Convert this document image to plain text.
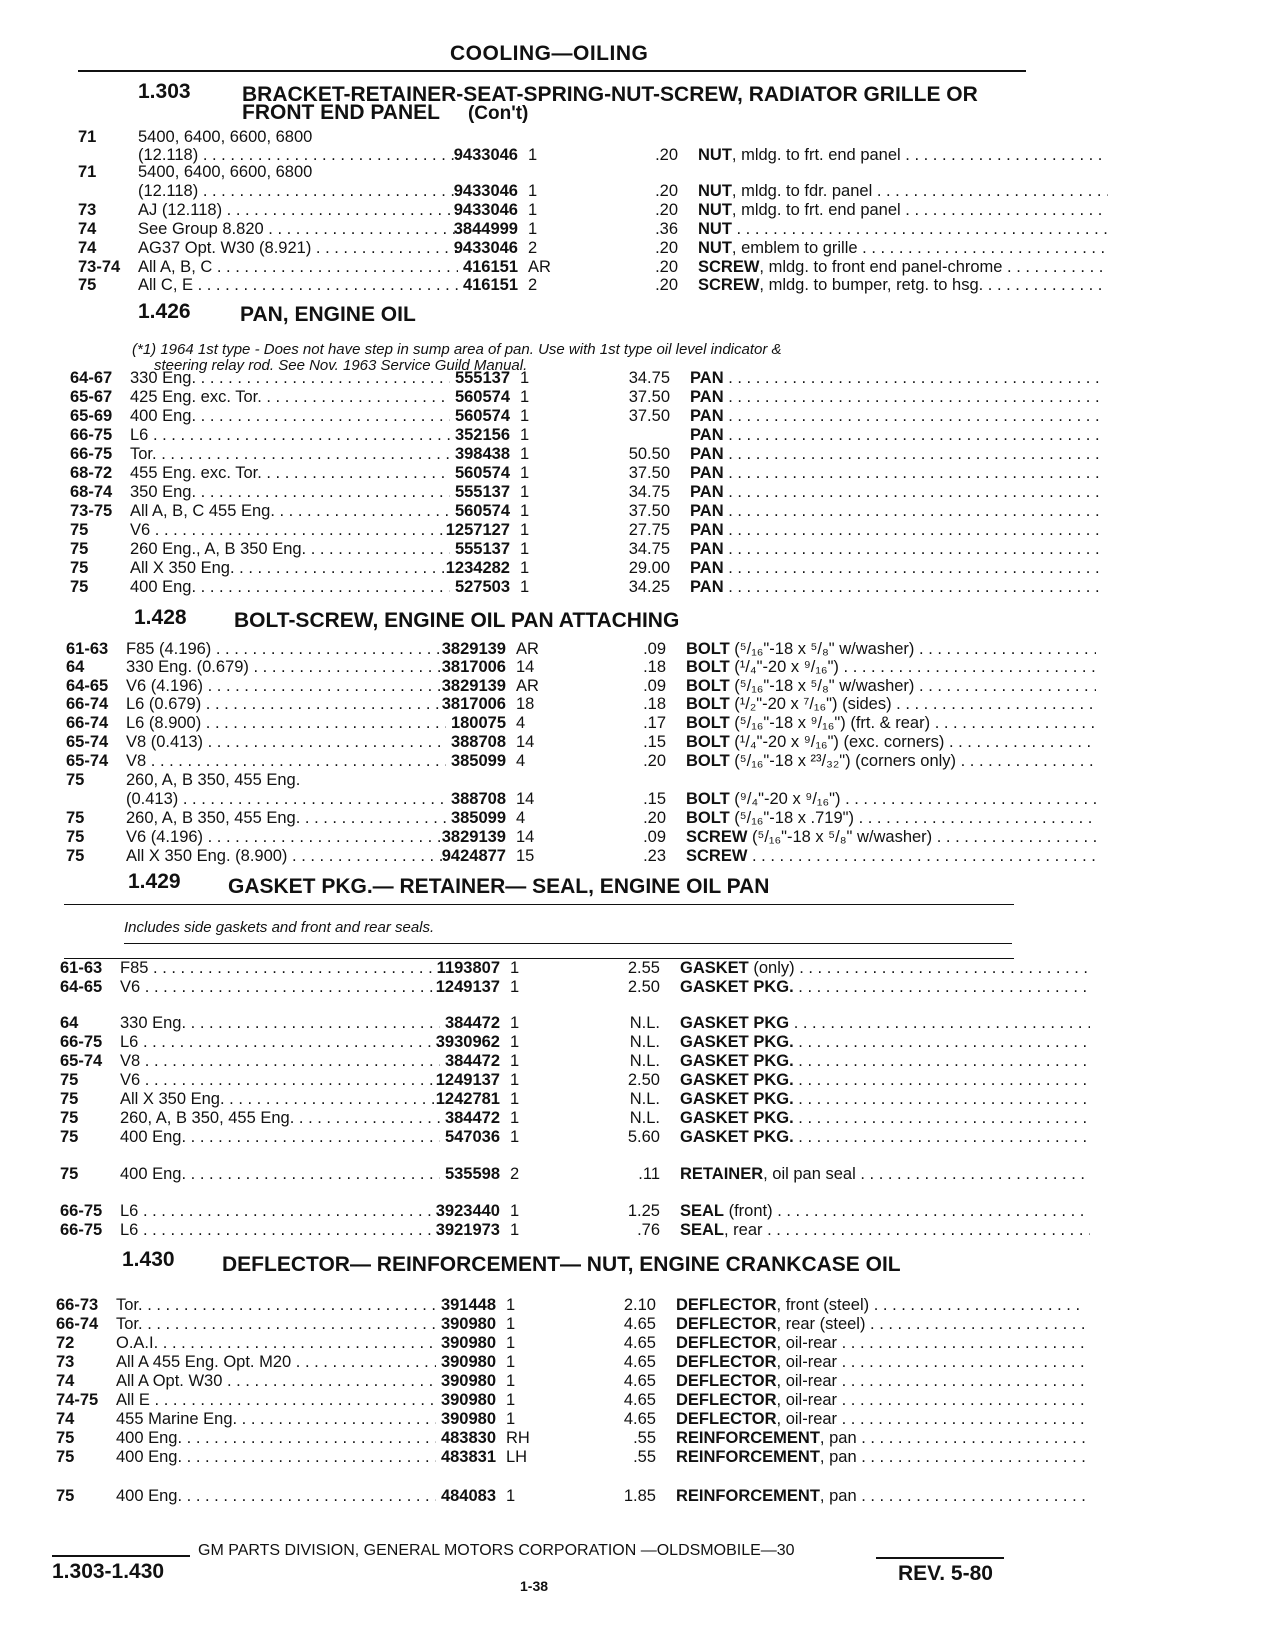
COOLING—OILING
1.303 BRACKET-RETAINER-SEAT-SPRING-NUT-SCREW, RADIATOR GRILLE OR
FRONT END PANEL (Con't)
71	5400, 6400, 6600, 6800
(12.118) . . .	9433046 1	.20 NUT, mldg. to frt. end panel . . .
71	5400, 6400, 6600, 6800
(12.118) . . .	9433046 1	.20 NUT, mldg. to fdr. panel . . .
73	AJ (12.118) . . .	9433046 1	.20 NUT, mldg. to frt. end panel . . .
74	See Group 8.820 . . .	3844999 1	.36 NUT . . .
74	AG37 Opt. W30 (8.921) . . .	9433046 2	.20 NUT, emblem to grille . . .
73-74 All A, B, C . . .	416151 AR	.20 SCREW, mldg. to front end panel-chrome . . .
75	All C, E . . .	416151 2	.20 SCREW, mldg. to bumper, retg. to hsg. . . .
1.426 PAN, ENGINE OIL
(*1) 1964 1st type - Does not have step in sump area of pan. Use with 1st type oil level indicator &
steering relay rod. See Nov. 1963 Service Guild Manual.
64-67 330 Eng. . . .	555137 1	34.75 PAN . . .
65-67 425 Eng. exc. Tor. . . .	560574 1	37.50 PAN . . .
65-69 400 Eng. . . .	560574 1	37.50 PAN . . .
66-75 L6 . . .	352156 1	PAN . . .
66-75 Tor. . . .	398438 1	50.50 PAN . . .
68-72 455 Eng. exc. Tor. . . .	560574 1	37.50 PAN . . .
68-74 350 Eng. . . .	555137 1	34.75 PAN . . .
73-75 All A, B, C 455 Eng. . . .	560574 1	37.50 PAN . . .
75	V6 . . .	1257127 1	27.75 PAN . . .
75	260 Eng., A, B 350 Eng. . . .	555137 1	34.75 PAN . . .
75	All X 350 Eng. . . .	1234282 1	29.00 PAN . . .
75	400 Eng. . . .	527503 1	34.25 PAN . . .
1.428 BOLT-SCREW, ENGINE OIL PAN ATTACHING
61-63 F85 (4.196) . . .	3829139 AR	.09 BOLT (⁵/₁₆"-18 x ⁵/₈" w/washer) . . .
64	330 Eng. (0.679) . . .	3817006 14	.18 BOLT (¹/₄"-20 x ⁹/₁₆") . . .
64-65 V6 (4.196) . . .	3829139 AR	.09 BOLT (⁵/₁₆"-18 x ⁵/₈" w/washer) . . .
66-74 L6 (0.679) . . .	3817006 18	.18 BOLT (¹/₂"-20 x ⁷/₁₆") (sides) . . .
66-74 L6 (8.900) . . .	180075 4	.17 BOLT (⁵/₁₆"-18 x ⁹/₁₆") (frt. & rear) . . .
65-74 V8 (0.413) . . .	388708 14	.15 BOLT (¹/₄"-20 x ⁹/₁₆") (exc. corners) . . .
65-74 V8 . . .	385099 4	.20 BOLT (⁵/₁₆"-18 x ²³/₃₂") (corners only) . . .
75	260, A, B 350, 455 Eng.
(0.413) . . .	388708 14	.15 BOLT (⁹/₄"-20 x ⁹/₁₆") . . .
75	260, A, B 350, 455 Eng. . . .	385099 4	.20 BOLT (⁵/₁₆"-18 x .719") . . .
75	V6 (4.196) . . .	3829139 14	.09 SCREW (⁵/₁₆"-18 x ⁵/₈" w/washer) . . .
75	All X 350 Eng. (8.900) . . .	9424877 15	.23 SCREW . . .
1.429 GASKET PKG.— RETAINER— SEAL, ENGINE OIL PAN
Includes side gaskets and front and rear seals.
61-63 F85 . . .	1193807 1	2.55 GASKET (only) . . .
64-65 V6 . . .	1249137 1	2.50 GASKET PKG. . . .
64	330 Eng. . . .	384472 1	N.L. GASKET PKG . . .
66-75 L6 . . .	3930962 1	N.L. GASKET PKG. . . .
65-74 V8 . . .	384472 1	N.L. GASKET PKG. . . .
75	V6 . . .	1249137 1	2.50 GASKET PKG. . . .
75	All X 350 Eng. . . .	1242781 1	N.L. GASKET PKG. . . .
75	260, A, B 350, 455 Eng. . . .	384472 1	N.L. GASKET PKG. . . .
75	400 Eng. . . .	547036 1	5.60 GASKET PKG. . . .
75	400 Eng. . . .	535598 2	.11 RETAINER, oil pan seal . . .
66-75 L6 . . .	3923440 1	1.25 SEAL (front) . . .
66-75 L6 . . .	3921973 1	.76 SEAL, rear . . .
1.430 DEFLECTOR— REINFORCEMENT— NUT, ENGINE CRANKCASE OIL
66-73 Tor. . . .	391448 1	2.10 DEFLECTOR, front (steel) . . .
66-74 Tor. . . .	390980 1	4.65 DEFLECTOR, rear (steel) . . .
72	O.A.I. . . .	390980 1	4.65 DEFLECTOR, oil-rear . . .
73	All A 455 Eng. Opt. M20 . . .	390980 1	4.65 DEFLECTOR, oil-rear . . .
74	All A Opt. W30 . . .	390980 1	4.65 DEFLECTOR, oil-rear . . .
74-75 All E . . .	390980 1	4.65 DEFLECTOR, oil-rear . . .
74	455 Marine Eng. . . .	390980 1	4.65 DEFLECTOR, oil-rear . . .
75	400 Eng. . . .	483830 RH	.55 REINFORCEMENT, pan . . .
75	400 Eng. . . .	483831 LH	.55 REINFORCEMENT, pan . . .
75	400 Eng. . . .	484083 1	1.85 REINFORCEMENT, pan . . .
GM PARTS DIVISION, GENERAL MOTORS CORPORATION —OLDSMOBILE—30
1.303-1.430
1-38
REV. 5-80
